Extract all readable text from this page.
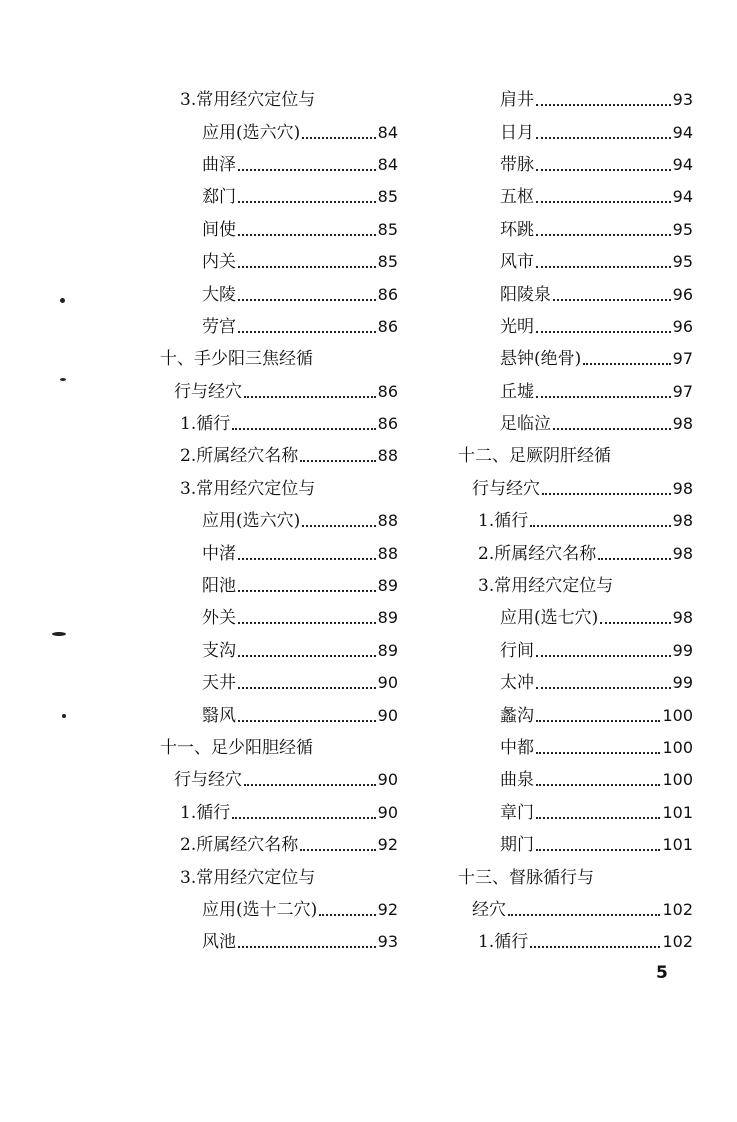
3.常用经穴定位与
应用(选六穴)	84
曲泽	84
郄门	85
间使	85
内关	85
大陵	86
劳宫	86
十、手少阳三焦经循
行与经穴	86
1.循行	86
2.所属经穴名称	88
3.常用经穴定位与
应用(选六穴)	88
中渚	88
阳池	89
外关	89
支沟	89
天井	90
翳风	90
十一、足少阳胆经循
行与经穴	90
1.循行	90
2.所属经穴名称	92
3.常用经穴定位与
应用(选十二穴)	92
风池	93
肩井	93
日月	94
带脉	94
五枢	94
环跳	95
风市	95
阳陵泉	96
光明	96
悬钟(绝骨)	97
丘墟	97
足临泣	98
十二、足厥阴肝经循
行与经穴	98
1.循行	98
2.所属经穴名称	98
3.常用经穴定位与
应用(选七穴)	98
行间	99
太冲	99
蠡沟	100
中都	100
曲泉	100
章门	101
期门	101
十三、督脉循行与
经穴	102
1.循行	102
5
